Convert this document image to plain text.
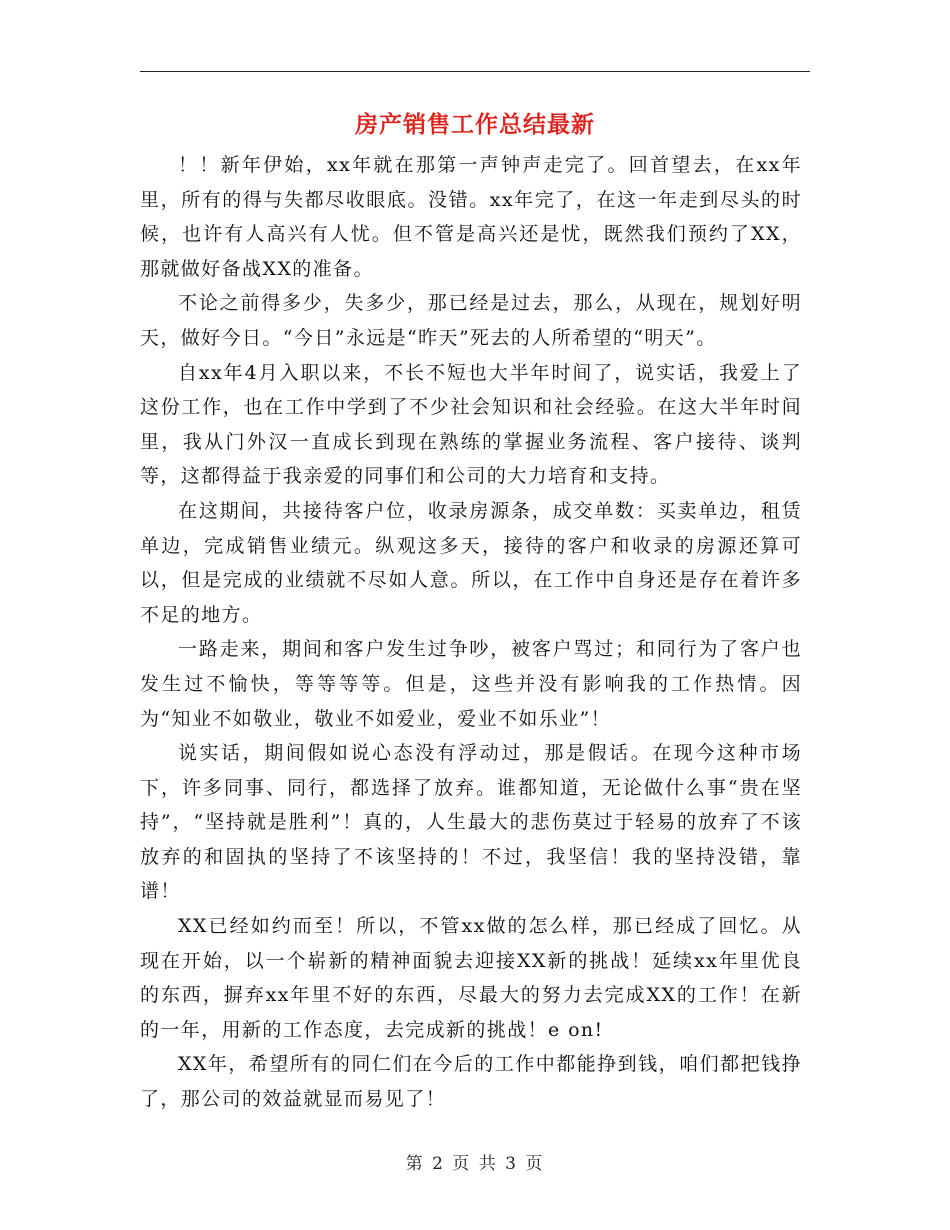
房产销售工作总结最新

！！新年伊始，xx年就在那第一声钟声走完了。回首望去，在xx年里，所有的得与失都尽收眼底。没错。xx年完了，在这一年走到尽头的时候，也许有人高兴有人忧。但不管是高兴还是忧，既然我们预约了XX，那就做好备战XX的准备。

不论之前得多少，失多少，那已经是过去，那么，从现在，规划好明天，做好今日。“今日”永远是“昨天”死去的人所希望的“明天”。

自xx年4月入职以来，不长不短也大半年时间了，说实话，我爱上了这份工作，也在工作中学到了不少社会知识和社会经验。在这大半年时间里，我从门外汉一直成长到现在熟练的掌握业务流程、客户接待、谈判等，这都得益于我亲爱的同事们和公司的大力培育和支持。

在这期间，共接待客户位，收录房源条，成交单数：买卖单边，租赁单边，完成销售业绩元。纵观这多天，接待的客户和收录的房源还算可以，但是完成的业绩就不尽如人意。所以，在工作中自身还是存在着许多不足的地方。

一路走来，期间和客户发生过争吵，被客户骂过；和同行为了客户也发生过不愉快，等等等等。但是，这些并没有影响我的工作热情。因为“知业不如敬业，敬业不如爱业，爱业不如乐业”！

说实话，期间假如说心态没有浮动过，那是假话。在现今这种市场下，许多同事、同行，都选择了放弃。谁都知道，无论做什么事“贵在坚持”，“坚持就是胜利”！真的，人生最大的悲伤莫过于轻易的放弃了不该放弃的和固执的坚持了不该坚持的！不过，我坚信！我的坚持没错，靠谱！

XX已经如约而至！所以，不管xx做的怎么样，那已经成了回忆。从现在开始，以一个崭新的精神面貌去迎接XX新的挑战！延续xx年里优良的东西，摒弃xx年里不好的东西，尽最大的努力去完成XX的工作！在新的一年，用新的工作态度，去完成新的挑战！e on!

XX年，希望所有的同仁们在今后的工作中都能挣到钱，咱们都把钱挣了，那公司的效益就显而易见了！

第 2 页 共 3 页
